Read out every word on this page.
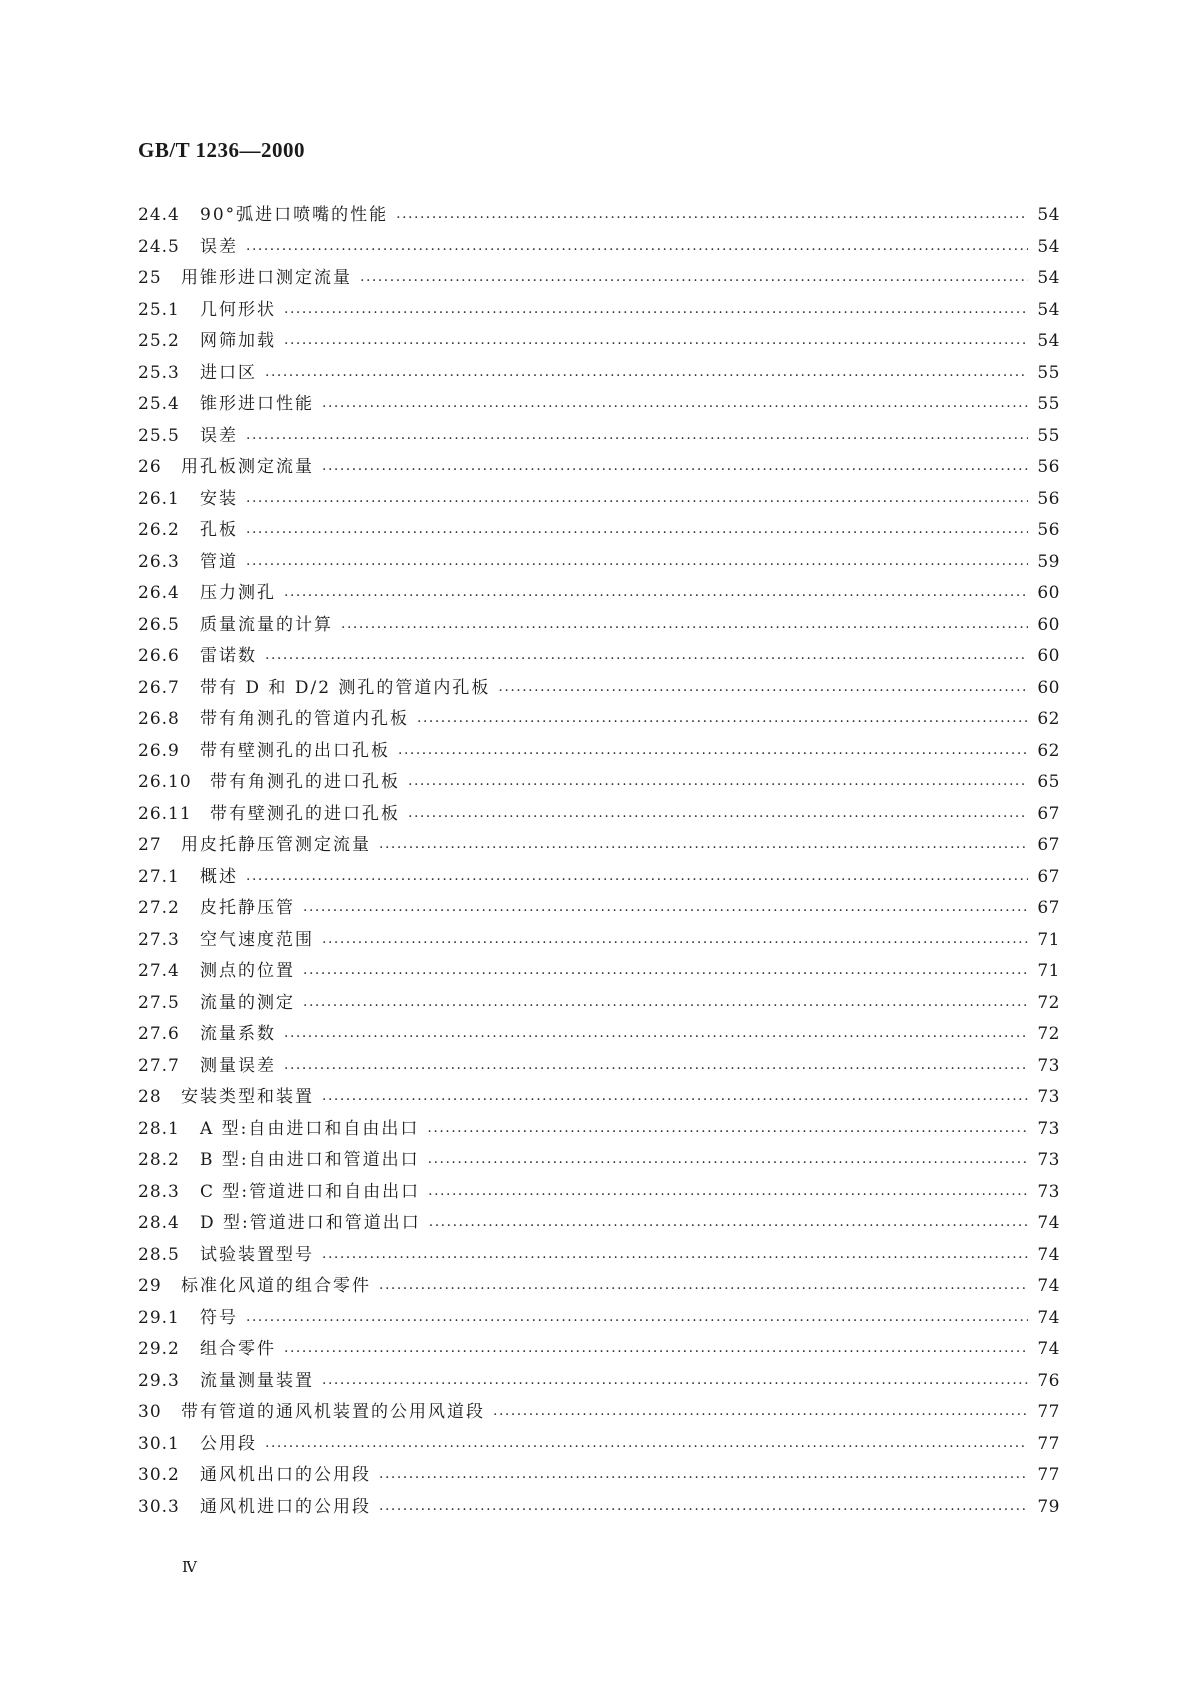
GB/T 1236—2000
24.4	90°弧进口喷嘴的性能 ·····	54
24.5	误差 ·····	54
25	用锥形进口测定流量 ·····	54
25.1	几何形状 ·····	54
25.2	网筛加载 ·····	54
25.3	进口区 ·····	55
25.4	锥形进口性能 ·····	55
25.5	误差 ·····	55
26	用孔板测定流量 ·····	56
26.1	安装 ·····	56
26.2	孔板 ·····	56
26.3	管道 ·····	59
26.4	压力测孔 ·····	60
26.5	质量流量的计算 ·····	60
26.6	雷诺数 ·····	60
26.7	带有 D 和 D/2 测孔的管道内孔板 ·····	60
26.8	带有角测孔的管道内孔板 ·····	62
26.9	带有壁测孔的出口孔板 ·····	62
26.10	带有角测孔的进口孔板 ·····	65
26.11	带有壁测孔的进口孔板 ·····	67
27	用皮托静压管测定流量 ·····	67
27.1	概述 ·····	67
27.2	皮托静压管 ·····	67
27.3	空气速度范围 ·····	71
27.4	测点的位置 ·····	71
27.5	流量的测定 ·····	72
27.6	流量系数 ·····	72
27.7	测量误差 ·····	73
28	安装类型和装置 ·····	73
28.1	A 型:自由进口和自由出口 ·····	73
28.2	B 型:自由进口和管道出口 ·····	73
28.3	C 型:管道进口和自由出口 ·····	73
28.4	D 型:管道进口和管道出口 ·····	74
28.5	试验装置型号 ·····	74
29	标准化风道的组合零件 ·····	74
29.1	符号 ·····	74
29.2	组合零件 ·····	74
29.3	流量测量装置 ·····	76
30	带有管道的通风机装置的公用风道段 ·····	77
30.1	公用段 ·····	77
30.2	通风机出口的公用段 ·····	77
30.3	通风机进口的公用段 ·····	79
Ⅳ
